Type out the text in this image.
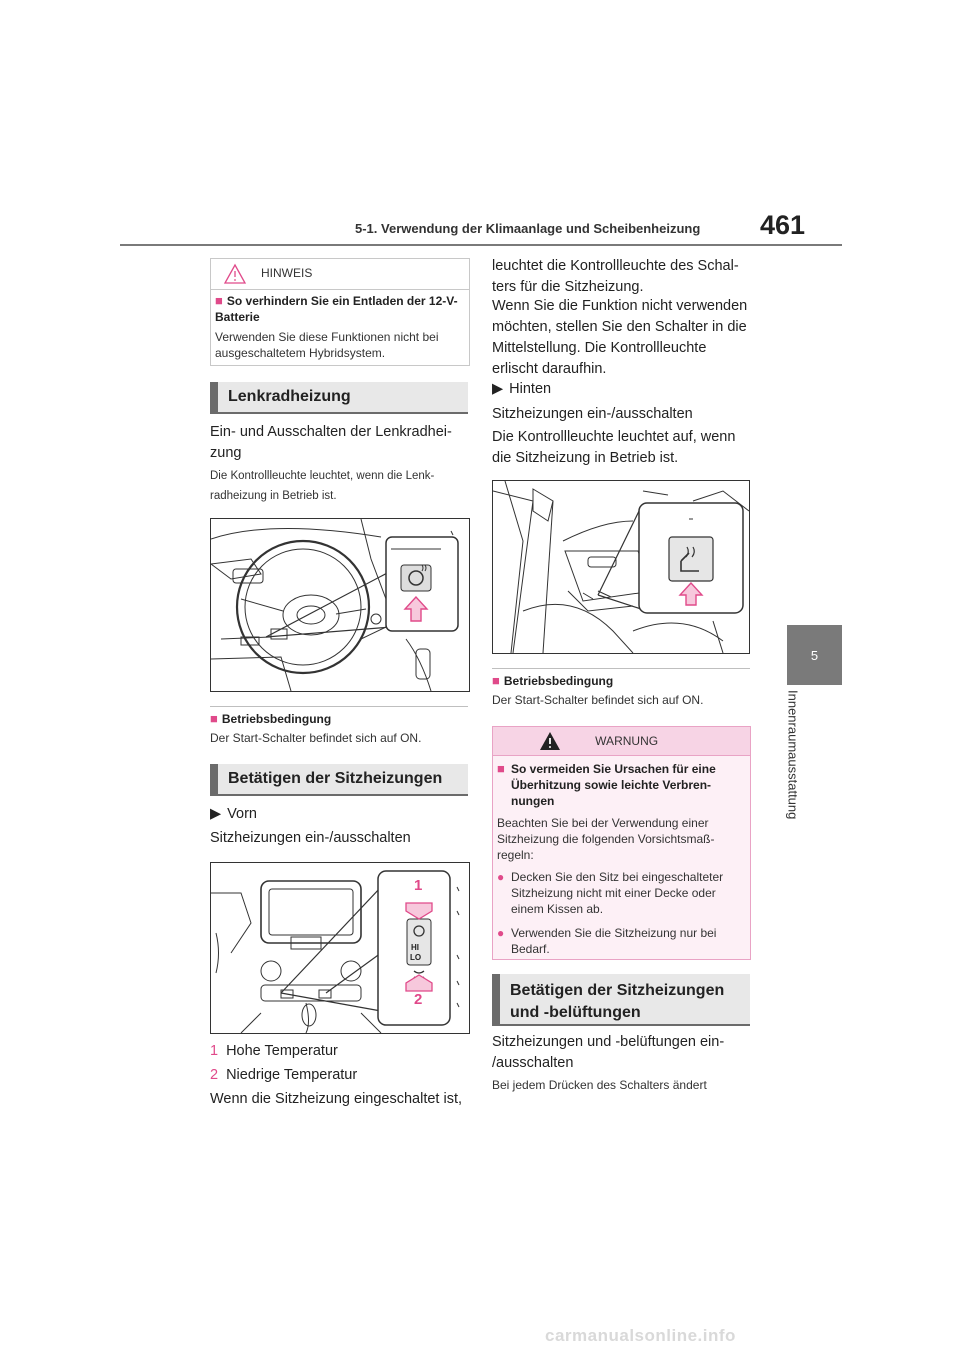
5-1. Verwendung der Klimaanlage und Scheibenheizung 461
5
Innenraumausstattung
HINWEIS
■ So verhindern Sie ein Entladen der 12-V-Batterie
Verwenden Sie diese Funktionen nicht bei ausgeschaltetem Hybridsystem.
Lenkradheizung
Ein- und Ausschalten der Lenkradhei-
zung
Die Kontrollleuchte leuchtet, wenn die Lenk-
radheizung in Betrieb ist.
■ Betriebsbedingung
Der Start-Schalter befindet sich auf ON.
Betätigen der Sitzheizungen
▶ Vorn
Sitzheizungen ein-/ausschalten
1
2
HI
LO
1 Hohe Temperatur
2 Niedrige Temperatur
Wenn die Sitzheizung eingeschaltet ist,
leuchtet die Kontrollleuchte des Schal-
ters für die Sitzheizung.
Wenn Sie die Funktion nicht verwenden
möchten, stellen Sie den Schalter in die
Mittelstellung. Die Kontrollleuchte
erlischt daraufhin.
▶ Hinten
Sitzheizungen ein-/ausschalten
Die Kontrollleuchte leuchtet auf, wenn
die Sitzheizung in Betrieb ist.
■ Betriebsbedingung
Der Start-Schalter befindet sich auf ON.
WARNUNG
■ So vermeiden Sie Ursachen für eine
Überhitzung sowie leichte Verbren-
nungen
Beachten Sie bei der Verwendung einer
Sitzheizung die folgenden Vorsichtsmaß-
regeln:
● Decken Sie den Sitz bei eingeschalteter
Sitzheizung nicht mit einer Decke oder
einem Kissen ab.
● Verwenden Sie die Sitzheizung nur bei
Bedarf.
Betätigen der Sitzheizungen
und -belüftungen
Sitzheizungen und -belüftungen ein-
/ausschalten
Bei jedem Drücken des Schalters ändert
carmanualsonline.info
